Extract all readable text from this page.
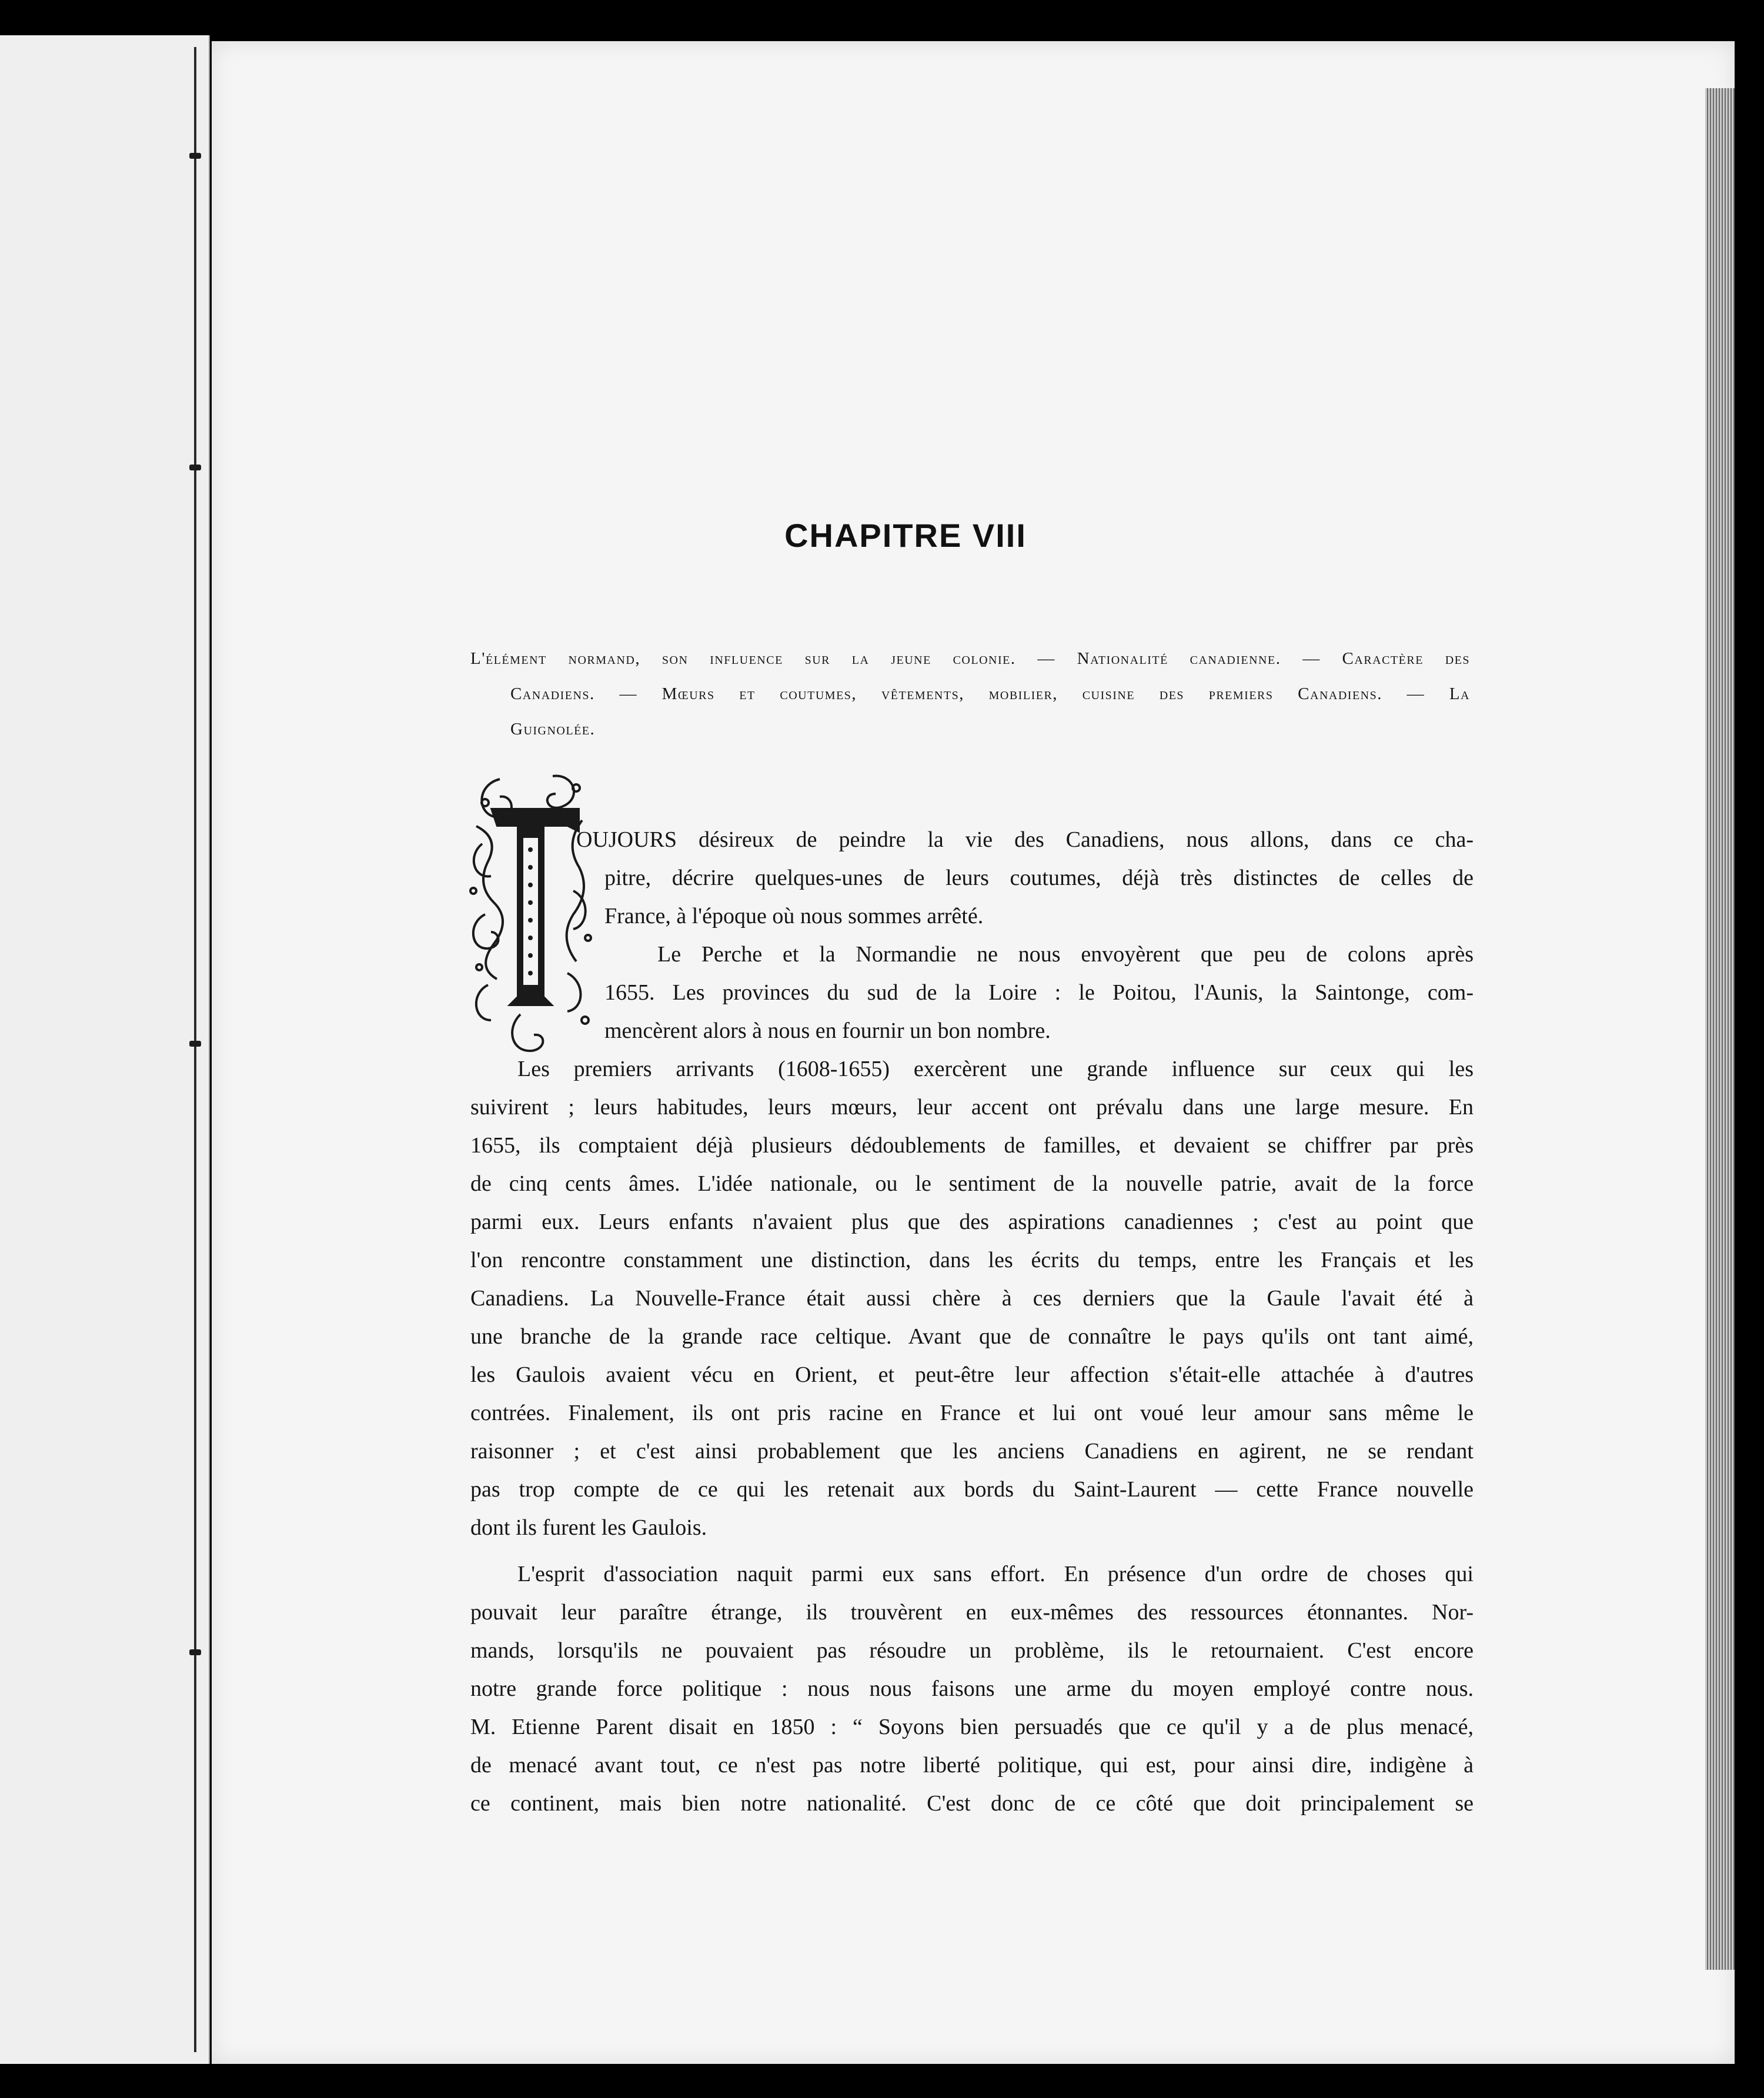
CHAPITRE VIII
L'élément normand, son influence sur la jeune colonie. — Nationalité canadienne. — Caractère des
Canadiens. — Mœurs et coutumes, vêtements, mobilier, cuisine des premiers Canadiens. — La
Guignolée.
OUJOURS désireux de peindre la vie des Canadiens, nous allons, dans ce cha-
pitre, décrire quelques-unes de leurs coutumes, déjà très distinctes de celles de
France, à l'époque où nous sommes arrêté.
Le Perche et la Normandie ne nous envoyèrent que peu de colons après
1655. Les provinces du sud de la Loire : le Poitou, l'Aunis, la Saintonge, com-
mencèrent alors à nous en fournir un bon nombre.
Les premiers arrivants (1608-1655) exercèrent une grande influence sur ceux qui les
suivirent ; leurs habitudes, leurs mœurs, leur accent ont prévalu dans une large mesure. En
1655, ils comptaient déjà plusieurs dédoublements de familles, et devaient se chiffrer par près
de cinq cents âmes. L'idée nationale, ou le sentiment de la nouvelle patrie, avait de la force
parmi eux. Leurs enfants n'avaient plus que des aspirations canadiennes ; c'est au point que
l'on rencontre constamment une distinction, dans les écrits du temps, entre les Français et les
Canadiens. La Nouvelle-France était aussi chère à ces derniers que la Gaule l'avait été à
une branche de la grande race celtique. Avant que de connaître le pays qu'ils ont tant aimé,
les Gaulois avaient vécu en Orient, et peut-être leur affection s'était-elle attachée à d'autres
contrées. Finalement, ils ont pris racine en France et lui ont voué leur amour sans même le
raisonner ; et c'est ainsi probablement que les anciens Canadiens en agirent, ne se rendant
pas trop compte de ce qui les retenait aux bords du Saint-Laurent — cette France nouvelle
dont ils furent les Gaulois.
L'esprit d'association naquit parmi eux sans effort. En présence d'un ordre de choses qui
pouvait leur paraître étrange, ils trouvèrent en eux-mêmes des ressources étonnantes. Nor-
mands, lorsqu'ils ne pouvaient pas résoudre un problème, ils le retournaient. C'est encore
notre grande force politique : nous nous faisons une arme du moyen employé contre nous.
M. Etienne Parent disait en 1850 : “ Soyons bien persuadés que ce qu'il y a de plus menacé,
de menacé avant tout, ce n'est pas notre liberté politique, qui est, pour ainsi dire, indigène à
ce continent, mais bien notre nationalité. C'est donc de ce côté que doit principalement se
